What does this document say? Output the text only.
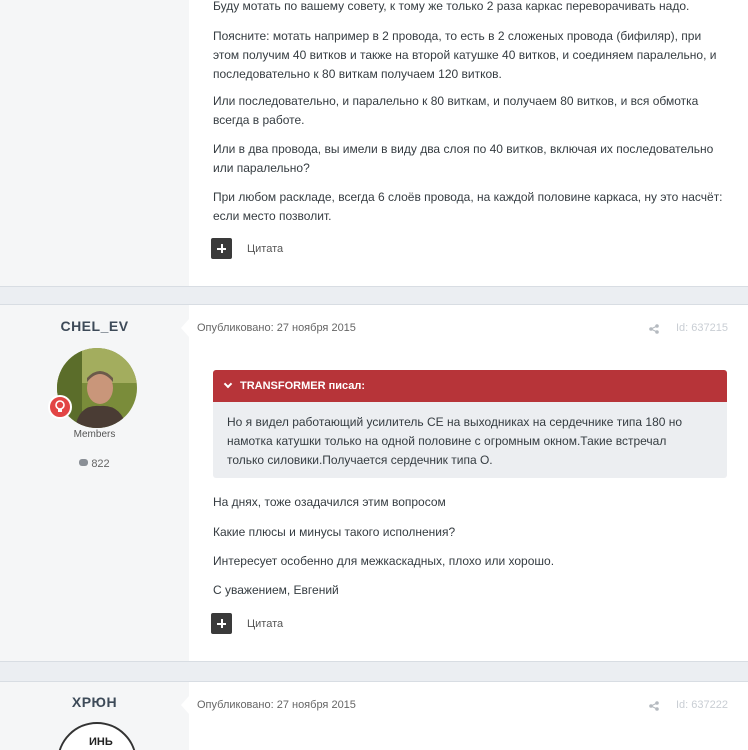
Буду мотать по вашему совету, к тому же только 2 раза каркас переворачивать надо.
Поясните: мотать например в 2 провода, то есть в 2 сложеных провода (бифиляр), при этом получим 40 витков и также на второй катушке 40 витков, и соединяем паралельно, и последовательно к 80 виткам получаем 120 витков.
Или последовательно, и паралельно к 80 виткам, и получаем 80 витков, и вся обмотка всегда в работе.
Или в два провода, вы имели в виду два слоя по 40 витков, включая их последовательно или паралельно?
При любом раскладе, всегда 6 слоёв провода, на каждой половине каркаса, ну это насчёт: если место позволит.
Цитата
CHEL_EV
Members
822
Опубликовано: 27 ноября 2015	Id: 637215
TRANSFORMER писал:
Но я видел работающий усилитель СЕ на выходниках на сердечнике типа 180 но намотка катушки только на одной половине с огромным окном.Такие встречал только силовики.Получается сердечник типа О.
На днях, тоже озадачился этим вопросом
Какие плюсы и минусы такого исполнения?
Интересует особенно для межкаскадных, плохо или хорошо.
С уважением, Евгений
Цитата
ХРЮН
ИНЬ
Опубликовано: 27 ноября 2015	Id: 637222
